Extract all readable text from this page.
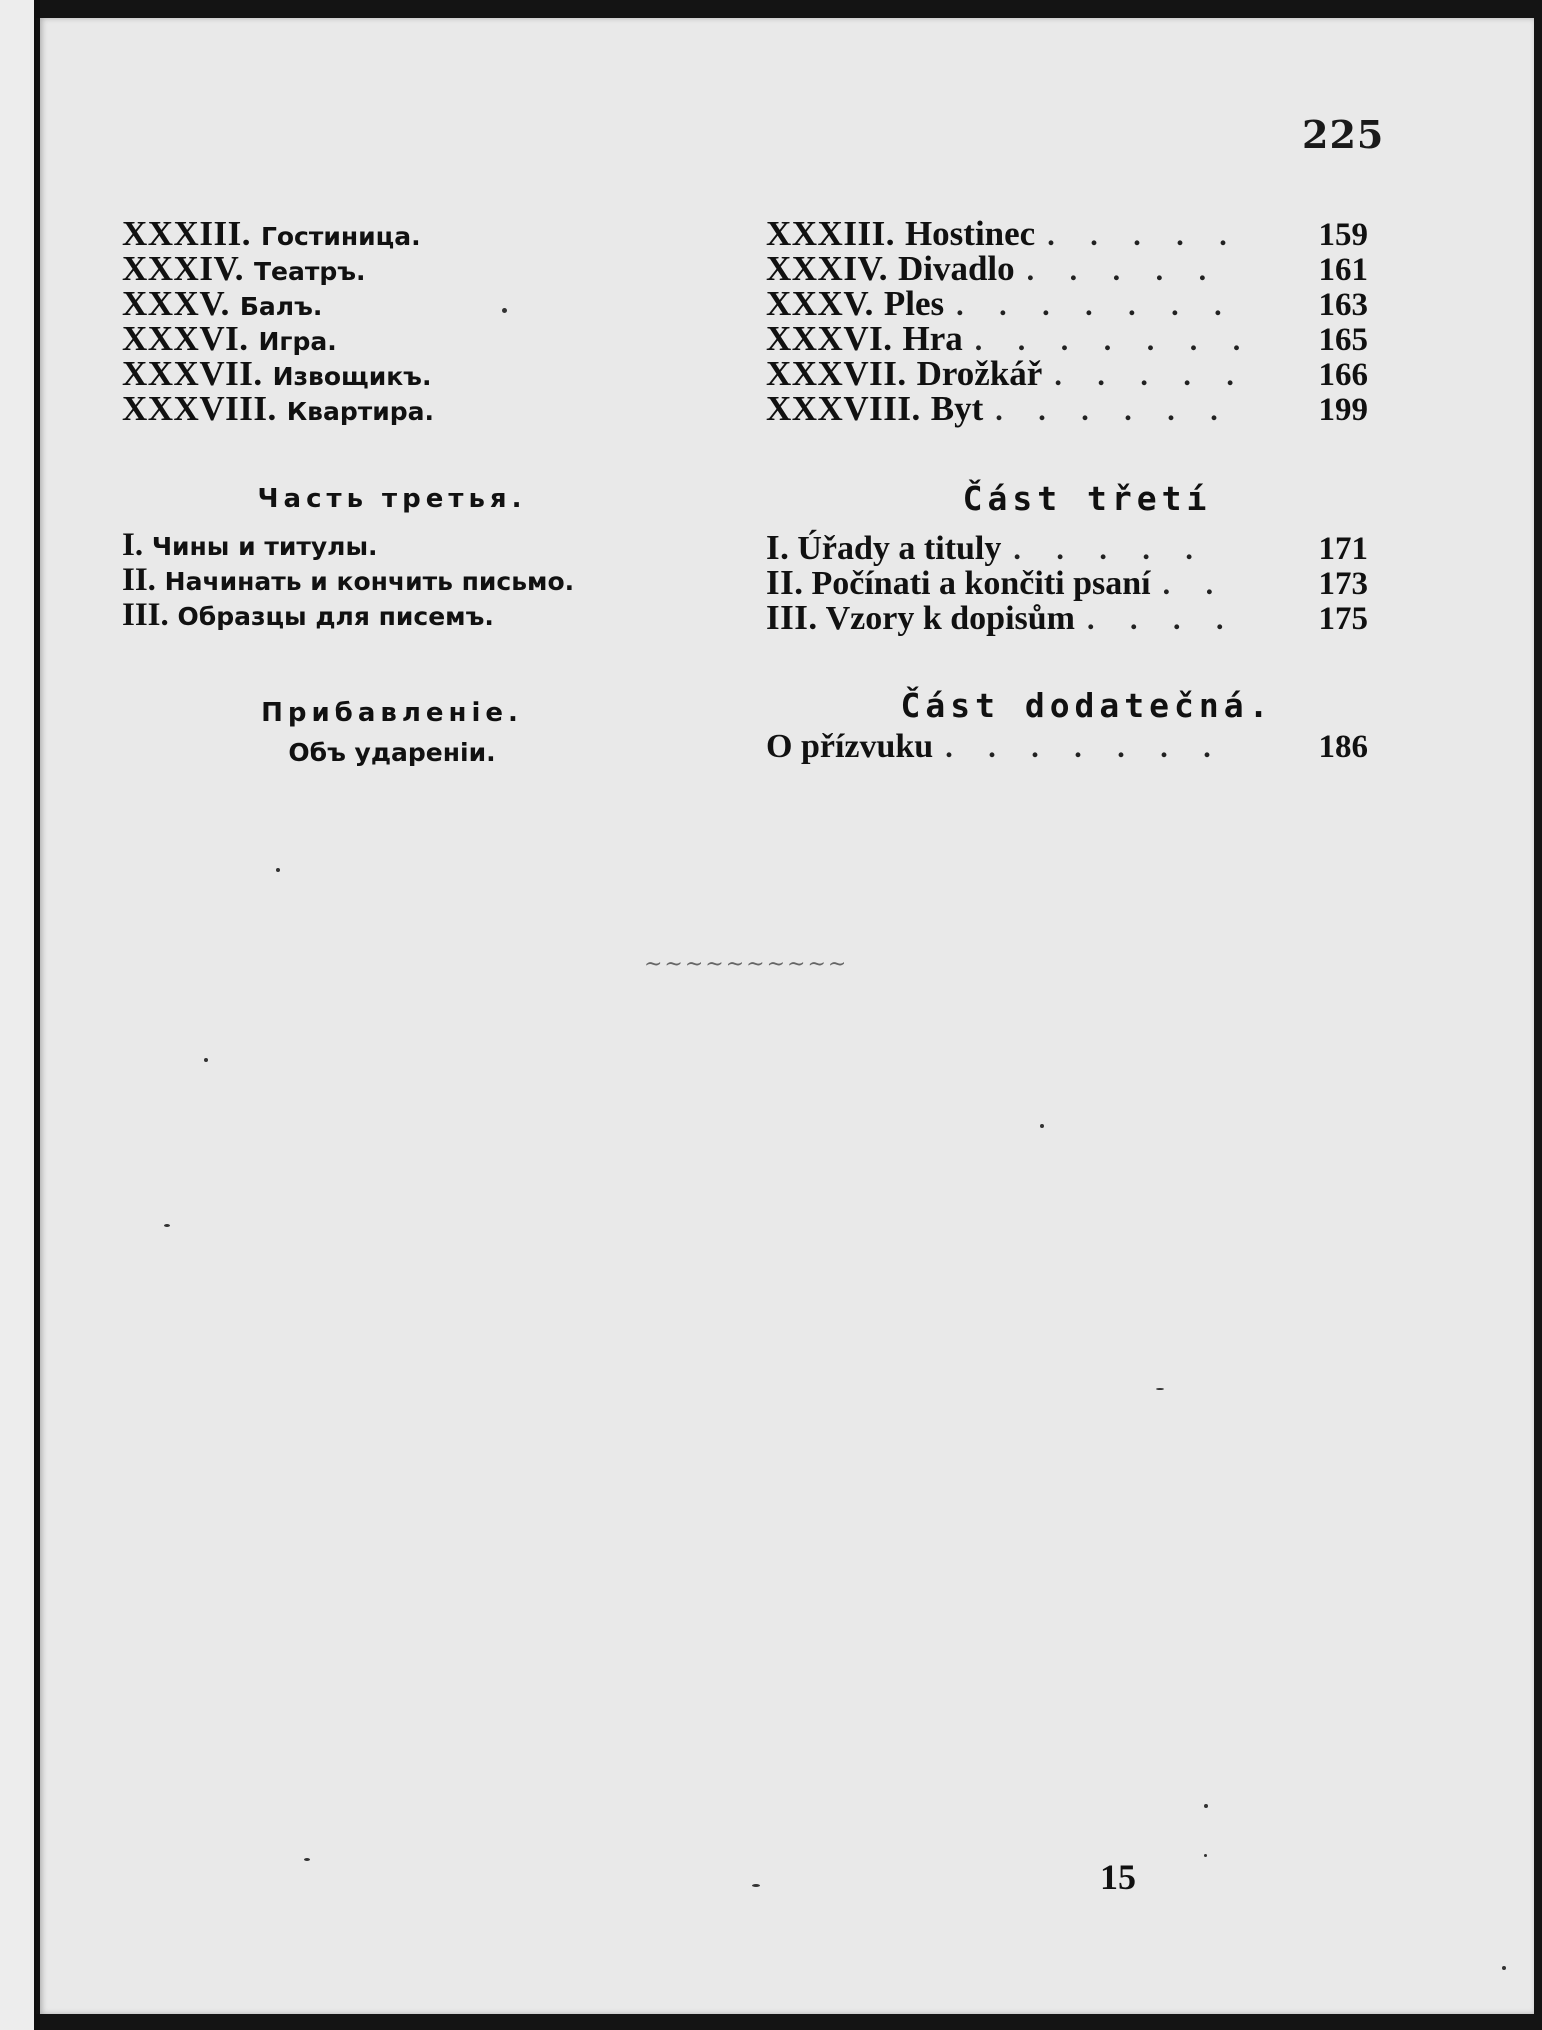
225
XXXIII. Гостиница.
XXXIV. Театръ.
XXXV. Балъ.
XXXVI. Игра.
XXXVII. Извощикъ.
XXXVIII. Квартира.
Часть третья.
I. Чины и титулы.
II. Начинать и кончить письмо.
III. Образцы для писемъ.
Прибавленіе.
Объ удареніи.
XXXIII. Hostinec . . . . .	159
XXXIV. Divadlo . . . . .	161
XXXV. Ples . . . . . . .	163
XXXVI. Hra . . . . . . .	165
XXXVII. Drožkář . . . . .	166
XXXVIII. Byt . . . . . .	199
Část třetí
I. Úřady a tituly . . . . .	171
II. Počínati a končiti psaní . .	173
III. Vzory k dopisům . . . .	175
Část dodatečná.
O přízvuku . . . . . . .	186
~~~~~~~~~~
15
